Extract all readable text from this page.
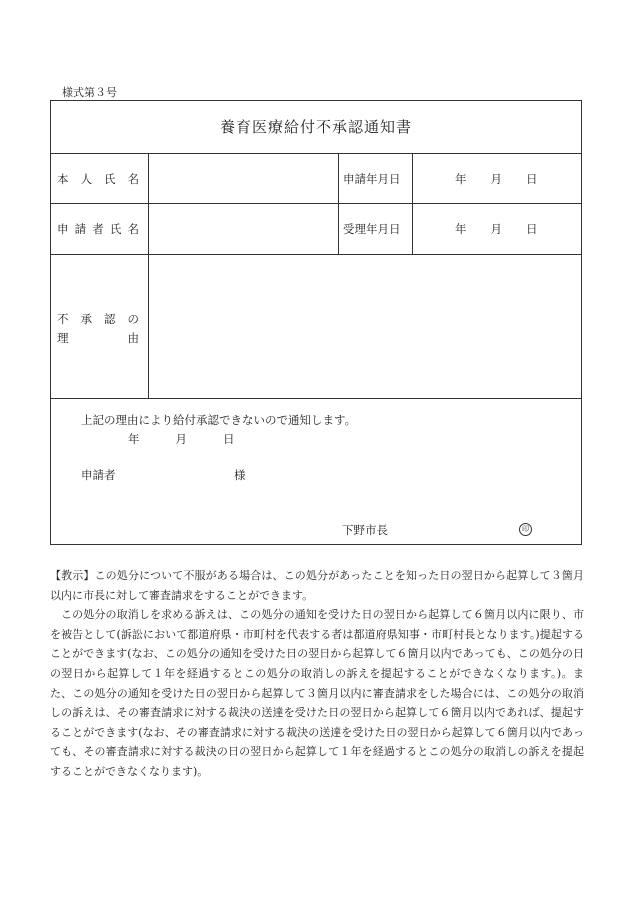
様式第３号
養育医療給付不承認通知書
本 人 氏 名	申請年月日	年 月 日
申 請 者 氏 名	受理年月日	年 月 日
不 承 認 の
理	由
上記の理由により給付承認できないので通知します。
年	月	日
申請者	様
下野市長	印

【教示】この処分について不服がある場合は、この処分があったことを知った日の翌日から起算して３箇月以内に市長に対して審査請求をすることができます。

この処分の取消しを求める訴えは、この処分の通知を受けた日の翌日から起算して６箇月以内に限り、市を被告として(訴訟において都道府県・市町村を代表する者は都道府県知事・市町村長となります。)提起することができます(なお、この処分の通知を受けた日の翌日から起算して６箇月以内であっても、この処分の日の翌日から起算して１年を経過するとこの処分の取消しの訴えを提起することができなくなります。)。また、この処分の通知を受けた日の翌日から起算して３箇月以内に審査請求をした場合には、この処分の取消しの訴えは、その審査請求に対する裁決の送達を受けた日の翌日から起算して６箇月以内であれば、提起することができます(なお、その審査請求に対する裁決の送達を受けた日の翌日から起算して６箇月以内であっても、その審査請求に対する裁決の日の翌日から起算して１年を経過するとこの処分の取消しの訴えを提起することができなくなります)。
